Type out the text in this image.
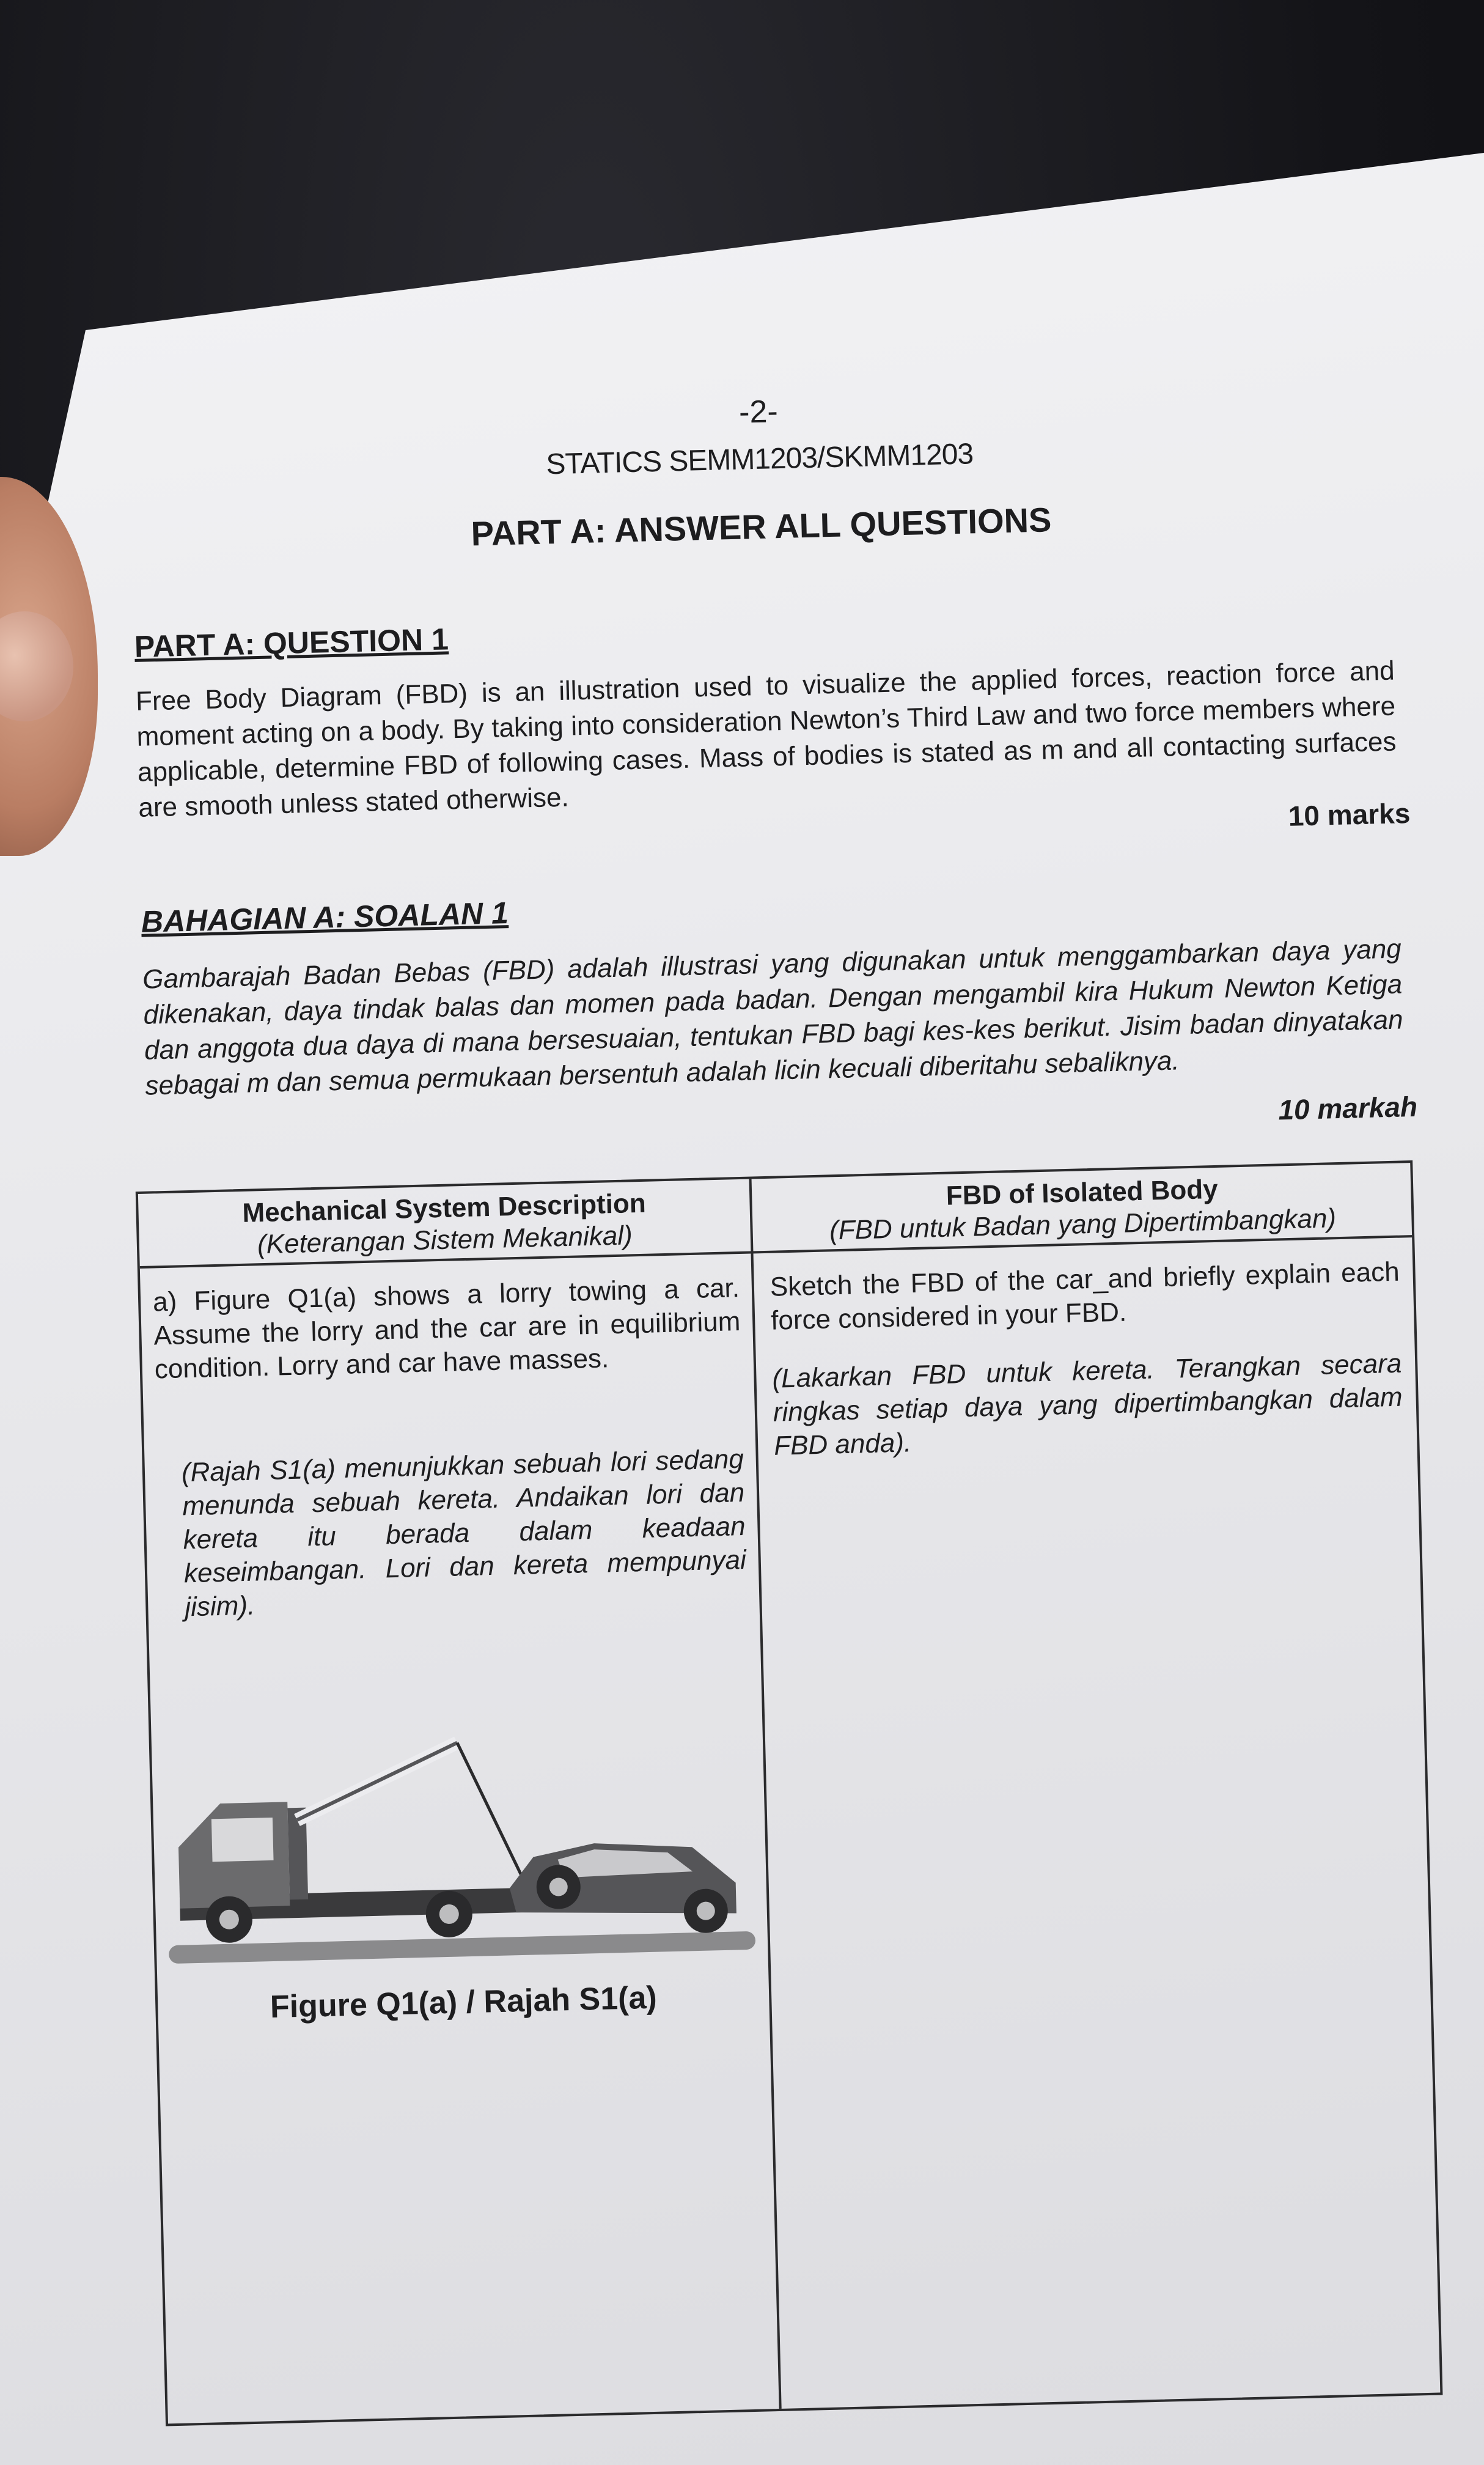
-2-
STATICS SEMM1203/SKMM1203
PART A: ANSWER ALL QUESTIONS
PART A: QUESTION 1
Free Body Diagram (FBD) is an illustration used to visualize the applied forces, reaction force and moment acting on a body. By taking into consideration Newton’s Third Law and two force members where applicable, determine FBD of following cases. Mass of bodies is stated as m and all contacting surfaces are smooth unless stated otherwise.	10 marks
BAHAGIAN A: SOALAN 1
Gambarajah Badan Bebas (FBD) adalah illustrasi yang digunakan untuk menggambarkan daya yang dikenakan, daya tindak balas dan momen pada badan. Dengan mengambil kira Hukum Newton Ketiga dan anggota dua daya di mana bersesuaian, tentukan FBD bagi kes-kes berikut. Jisim badan dinyatakan sebagai m dan semua permukaan bersentuh adalah licin kecuali diberitahu sebaliknya.
10 markah
Mechanical System Description
(Keterangan Sistem Mekanikal)
FBD of Isolated Body
(FBD untuk Badan yang Dipertimbangkan)
a) Figure Q1(a) shows a lorry towing a car. Assume the lorry and the car are in equilibrium condition. Lorry and car have masses.
(Rajah S1(a) menunjukkan sebuah lori sedang menunda sebuah kereta. Andaikan lori dan kereta itu berada dalam keadaan keseimbangan. Lori dan kereta mempunyai jisim).
Sketch the FBD of the car_and briefly explain each force considered in your FBD.
(Lakarkan FBD untuk kereta. Terangkan secara ringkas setiap daya yang dipertimbangkan dalam FBD anda).
Figure Q1(a) / Rajah S1(a)
